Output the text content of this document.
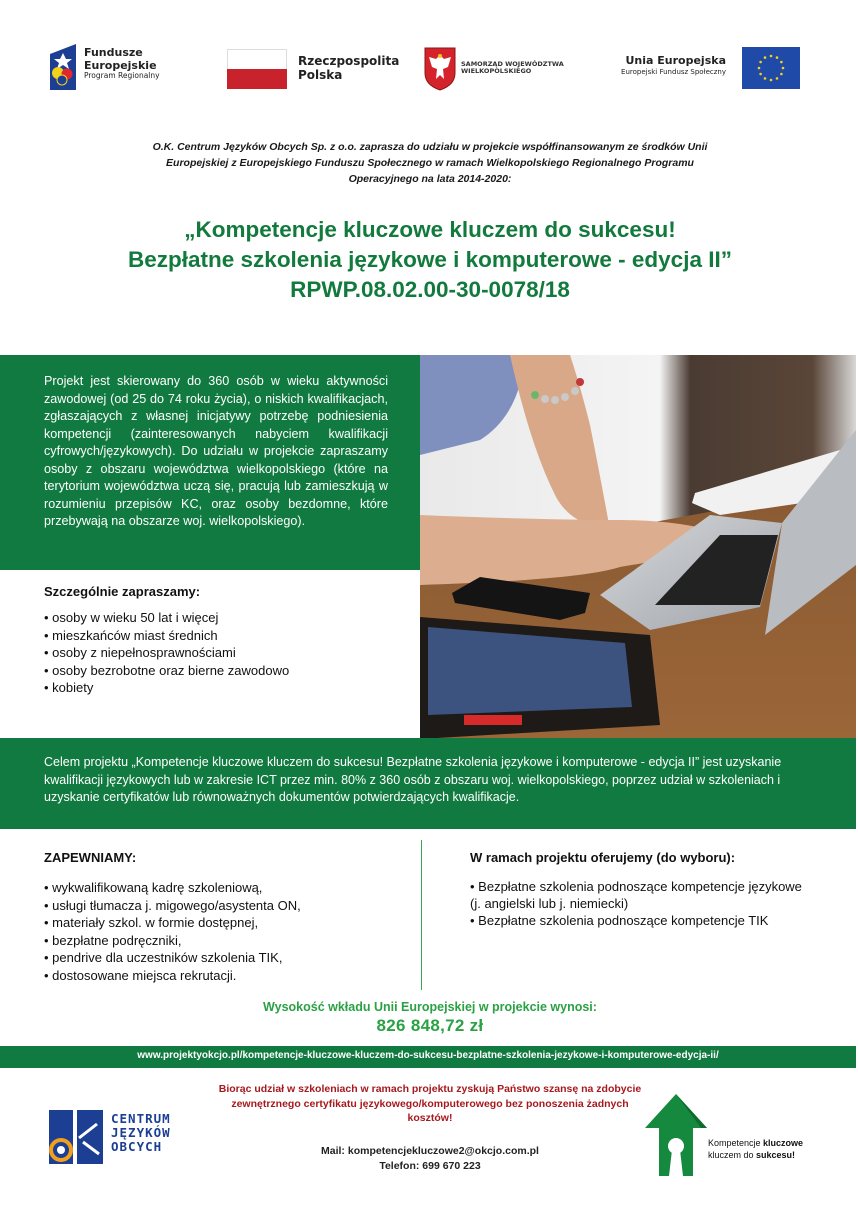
Fundusze
Europejskie
Program Regionalny
Rzeczpospolita
Polska
SAMORZĄD WOJEWÓDZTWA
WIELKOPOLSKIEGO
Unia Europejska
Europejski Fundusz Społeczny
O.K. Centrum Języków Obcych Sp. z o.o. zaprasza do udziału w projekcie współfinansowanym ze środków Unii Europejskiej z Europejskiego Funduszu Społecznego w ramach Wielkopolskiego Regionalnego Programu Operacyjnego na lata 2014-2020:
„Kompetencje kluczowe kluczem do sukcesu!
Bezpłatne szkolenia językowe i komputerowe - edycja II”
RPWP.08.02.00-30-0078/18

Projekt jest skierowany do 360 osób w wieku aktywności zawodowej (od 25 do 74 roku życia), o niskich kwalifikacjach, zgłaszających z własnej inicjatywy potrzebę podniesienia kompetencji (zainteresowanych nabyciem kwalifikacji cyfrowych/językowych). Do udziału w projekcie zapraszamy osoby z obszaru województwa wielkopolskiego (które na terytorium województwa uczą się, pracują lub zamieszkują w rozumieniu przepisów KC, oraz osoby bezdomne, które przebywają na obszarze woj. wielkopolskiego).

Szczególnie zapraszamy:
• osoby w wieku 50 lat i więcej
• mieszkańców miast średnich
• osoby z niepełnosprawnościami
• osoby bezrobotne oraz bierne zawodowo
• kobiety

Celem projektu „Kompetencje kluczowe kluczem do sukcesu! Bezpłatne szkolenia językowe i komputerowe - edycja II” jest uzyskanie kwalifikacji językowych lub w zakresie ICT przez min. 80% z 360 osób z obszaru woj. wielkopolskiego, poprzez udział w szkoleniach i uzyskanie certyfikatów lub równoważnych dokumentów potwierdzających kwalifikacje.

ZAPEWNIAMY:
• wykwalifikowaną kadrę szkoleniową,
• usługi tłumacza j. migowego/asystenta ON,
• materiały szkol. w formie dostępnej,
• bezpłatne podręczniki,
• pendrive dla uczestników szkolenia TIK,
• dostosowane miejsca rekrutacji.
W ramach projektu oferujemy (do wyboru):
• Bezpłatne szkolenia podnoszące kompetencje językowe (j. angielski lub j. niemiecki)
• Bezpłatne szkolenia podnoszące kompetencje TIK
Wysokość wkładu Unii Europejskiej w projekcie wynosi:
826 848,72 zł
www.projektyokcjo.pl/kompetencje-kluczowe-kluczem-do-sukcesu-bezplatne-szkolenia-jezykowe-i-komputerowe-edycja-ii/
Biorąc udział w szkoleniach w ramach projektu zyskują Państwo szansę na zdobycie zewnętrznego certyfikatu językowego/komputerowego bez ponoszenia żadnych kosztów!
Mail: kompetencjekluczowe2@okcjo.com.pl
Telefon: 699 670 223
CENTRUM
JĘZYKÓW
OBCYCH	Kompetencje kluczowe
kluczem do sukcesu!
